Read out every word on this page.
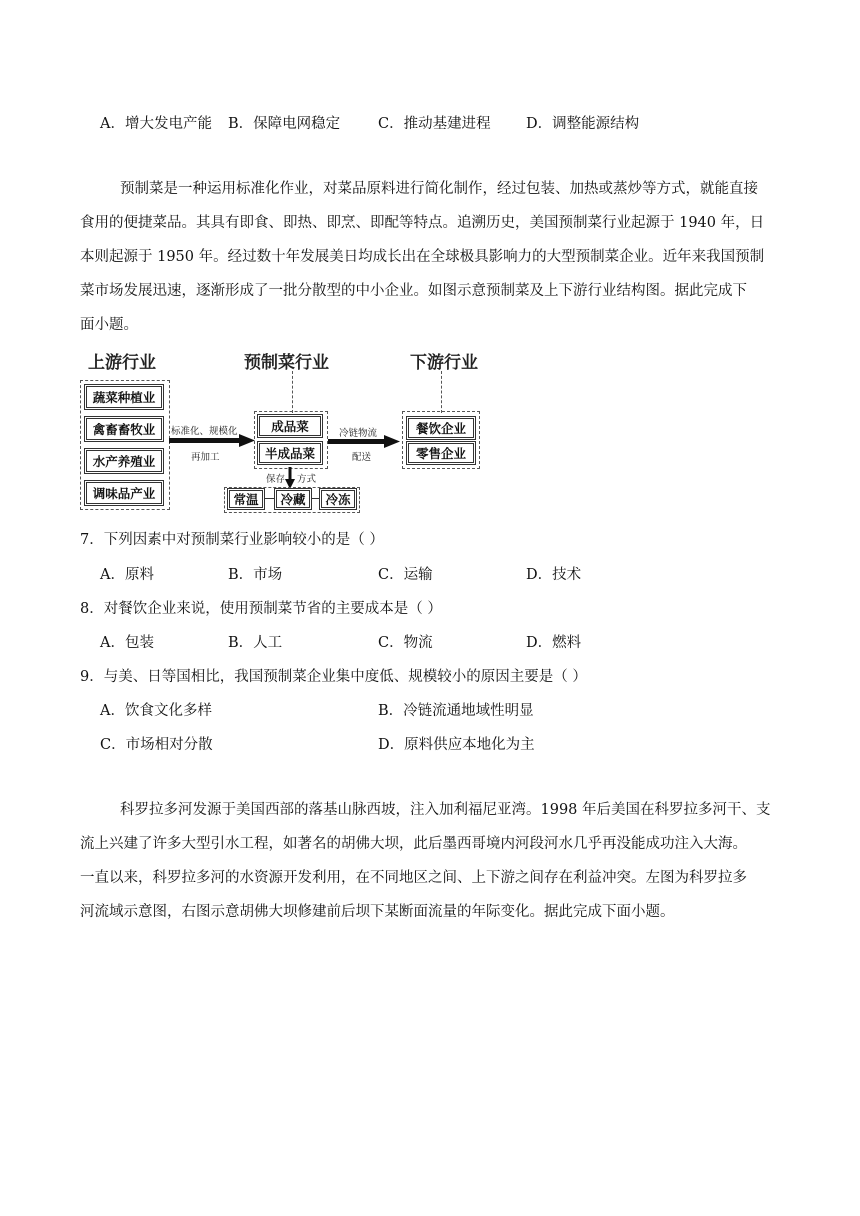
A．增大发电产能 B．保障电网稳定	C．推动基建进程 D．调整能源结构
预制菜是一种运用标准化作业，对菜品原料进行简化制作，经过包装、加热或蒸炒等方式，就能直接
食用的便捷菜品。其具有即食、即热、即烹、即配等特点。追溯历史，美国预制菜行业起源于 1940 年，日
本则起源于 1950 年。经过数十年发展美日均成长出在全球极具影响力的大型预制菜企业。近年来我国预制
菜市场发展迅速，逐渐形成了一批分散型的中小企业。如图示意预制菜及上下游行业结构图。据此完成下
面小题。
上游行业	预制菜行业	下游行业
蔬菜种植业
禽畜畜牧业
水产养殖业
调味品产业
标准化、规模化
再加工
成品菜
半成品菜
冷链物流
配送
餐饮企业
零售企业
保存 方式
常温	冷藏	冷冻
7．下列因素中对预制菜行业影响较小的是（ ）
A．原料	B．市场	C．运输	D．技术
8．对餐饮企业来说，使用预制菜节省的主要成本是（ ）
A．包装	B．人工	C．物流	D．燃料
9．与美、日等国相比，我国预制菜企业集中度低、规模较小的原因主要是（ ）
A．饮食文化多样	B．冷链流通地域性明显
C．市场相对分散	D．原料供应本地化为主
科罗拉多河发源于美国西部的落基山脉西坡，注入加利福尼亚湾。1998 年后美国在科罗拉多河干、支
流上兴建了许多大型引水工程，如著名的胡佛大坝，此后墨西哥境内河段河水几乎再没能成功注入大海。
一直以来，科罗拉多河的水资源开发利用，在不同地区之间、上下游之间存在利益冲突。左图为科罗拉多
河流域示意图，右图示意胡佛大坝修建前后坝下某断面流量的年际变化。据此完成下面小题。
